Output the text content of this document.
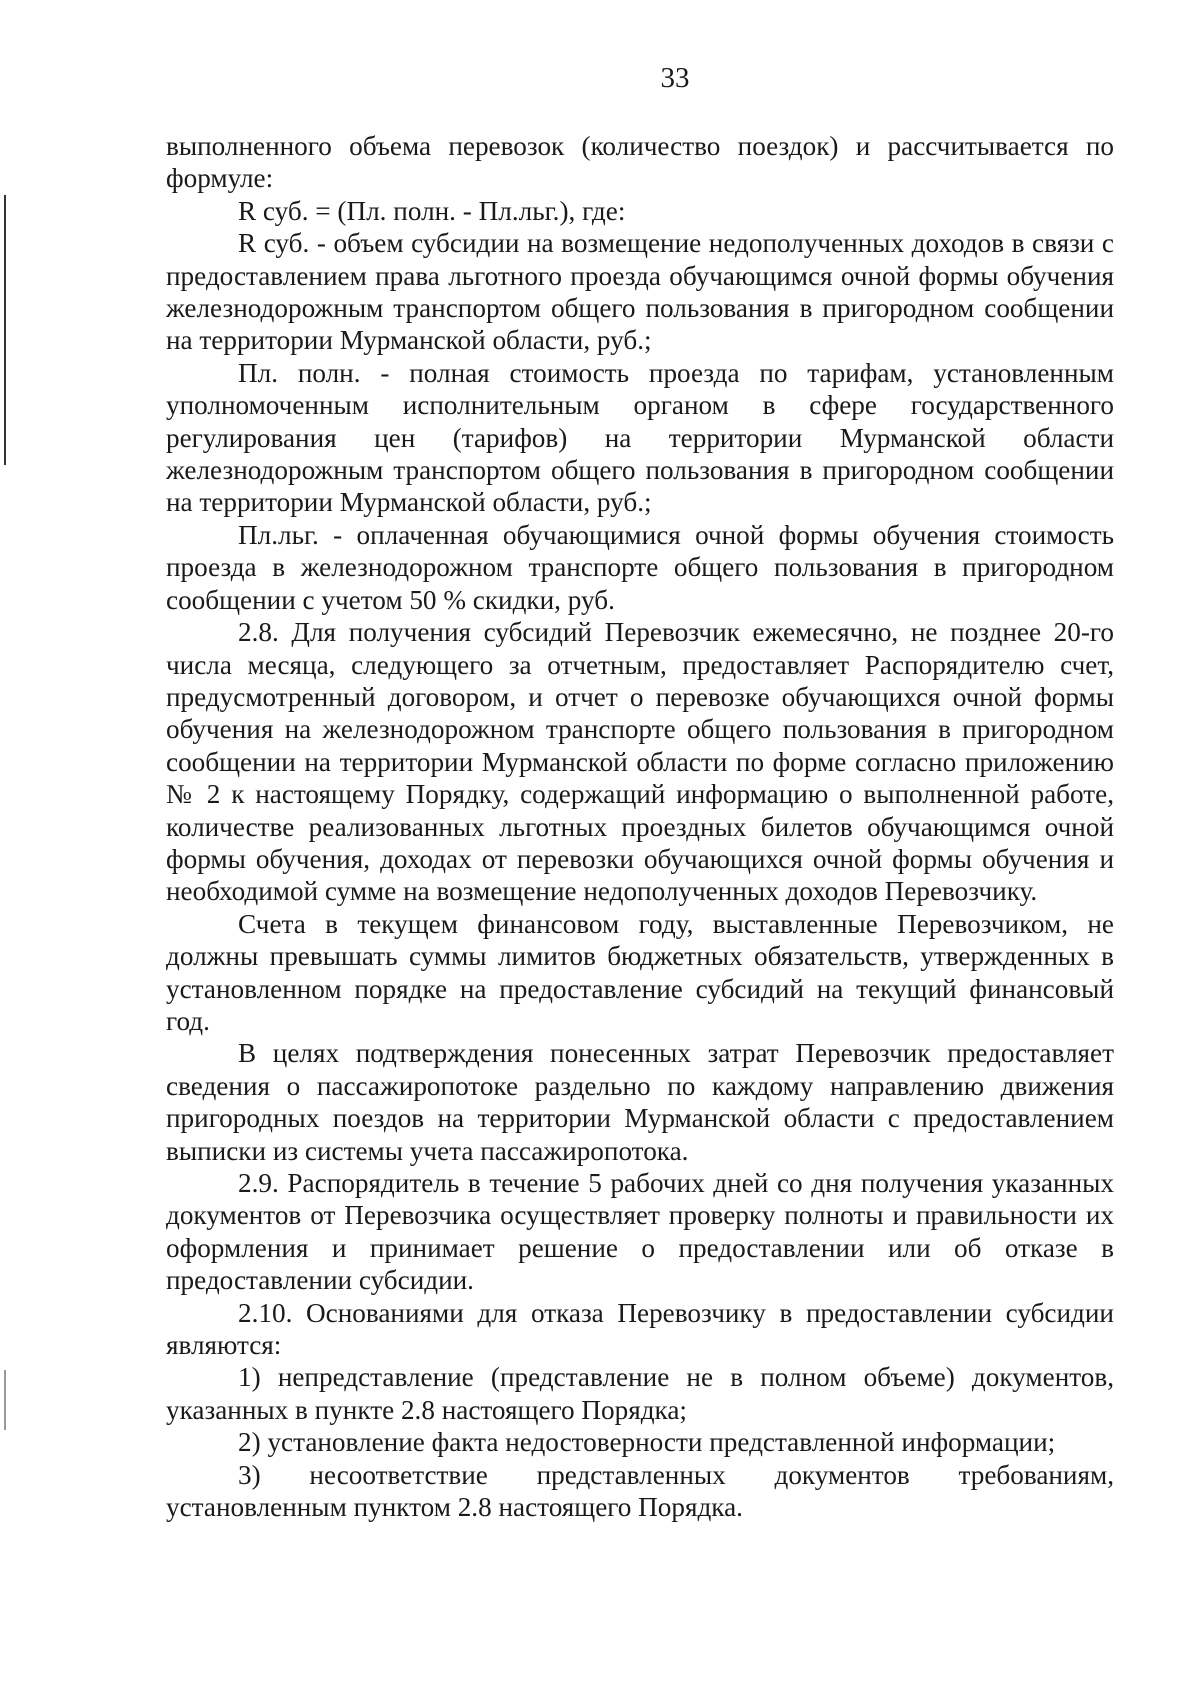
33

выполненного объема перевозок (количество поездок) и рассчитывается по формуле:

R суб. = (Пл. полн. - Пл.льг.), где:

R суб. - объем субсидии на возмещение недополученных доходов в связи с предоставлением права льготного проезда обучающимся очной формы обучения железнодорожным транспортом общего пользования в пригородном сообщении на территории Мурманской области, руб.;

Пл. полн. - полная стоимость проезда по тарифам, установленным уполномоченным исполнительным органом в сфере государственного регулирования цен (тарифов) на территории Мурманской области железнодорожным транспортом общего пользования в пригородном сообщении на территории Мурманской области, руб.;

Пл.льг. - оплаченная обучающимися очной формы обучения стоимость проезда в железнодорожном транспорте общего пользования в пригородном сообщении с учетом 50 % скидки, руб.

2.8. Для получения субсидий Перевозчик ежемесячно, не позднее 20-го числа месяца, следующего за отчетным, предоставляет Распорядителю счет, предусмотренный договором, и отчет о перевозке обучающихся очной формы обучения на железнодорожном транспорте общего пользования в пригородном сообщении на территории Мурманской области по форме согласно приложению № 2 к настоящему Порядку, содержащий информацию о выполненной работе, количестве реализованных льготных проездных билетов обучающимся очной формы обучения, доходах от перевозки обучающихся очной формы обучения и необходимой сумме на возмещение недополученных доходов Перевозчику.

Счета в текущем финансовом году, выставленные Перевозчиком, не должны превышать суммы лимитов бюджетных обязательств, утвержденных в установленном порядке на предоставление субсидий на текущий финансовый год.

В целях подтверждения понесенных затрат Перевозчик предоставляет сведения о пассажиропотоке раздельно по каждому направлению движения пригородных поездов на территории Мурманской области с предоставлением выписки из системы учета пассажиропотока.

2.9. Распорядитель в течение 5 рабочих дней со дня получения указанных документов от Перевозчика осуществляет проверку полноты и правильности их оформления и принимает решение о предоставлении или об отказе в предоставлении субсидии.

2.10. Основаниями для отказа Перевозчику в предоставлении субсидии являются:

1) непредставление (представление не в полном объеме) документов, указанных в пункте 2.8 настоящего Порядка;

2) установление факта недостоверности представленной информации;

3) несоответствие представленных документов требованиям, установленным пунктом 2.8 настоящего Порядка.
